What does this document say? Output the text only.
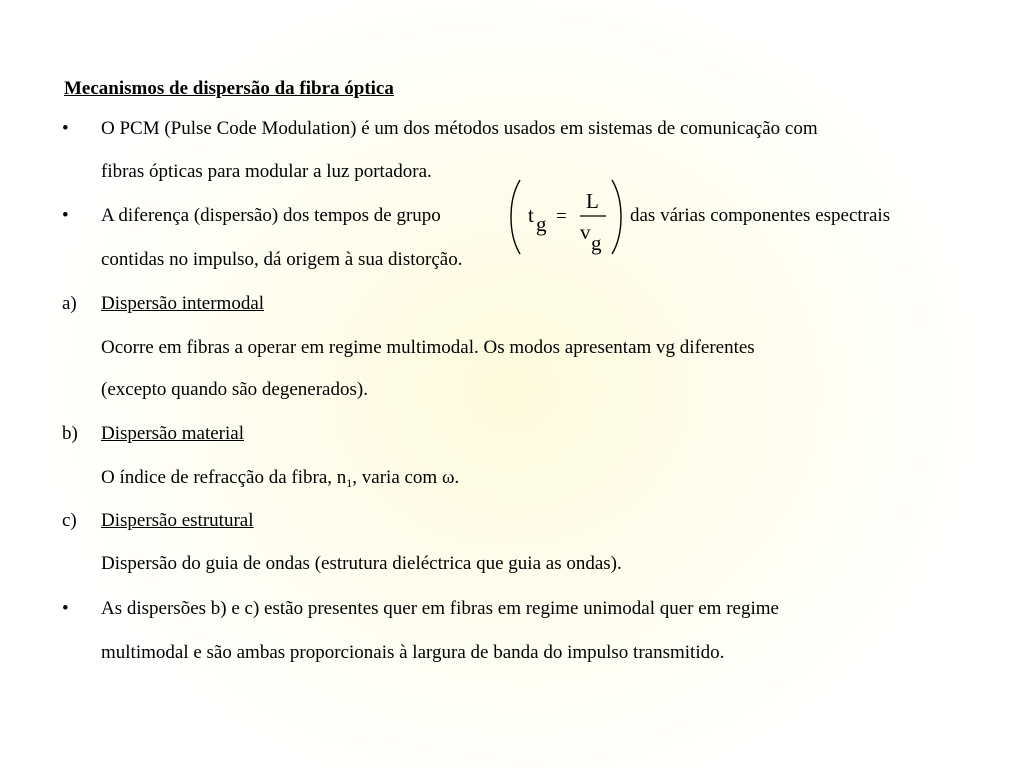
Mecanismos de dispersão da fibra óptica
• O PCM (Pulse Code Modulation) é um dos métodos usados em sistemas de comunicação com
fibras ópticas para modular a luz portadora.
• A diferença (dispersão) dos tempos de grupo	t g =
L
v g
das várias componentes espectrais
contidas no impulso, dá origem à sua distorção.
a) Dispersão intermodal
Ocorre em fibras a operar em regime multimodal. Os modos apresentam vg diferentes
(excepto quando são degenerados).
b) Dispersão material
O índice de refracção da fibra, $n_1$, varia com ω.
c) Dispersão estrutural
Dispersão do guia de ondas (estrutura dieléctrica que guia as ondas).
• As dispersões b) e c) estão presentes quer em fibras em regime unimodal quer em regime
multimodal e são ambas proporcionais à largura de banda do impulso transmitido.
